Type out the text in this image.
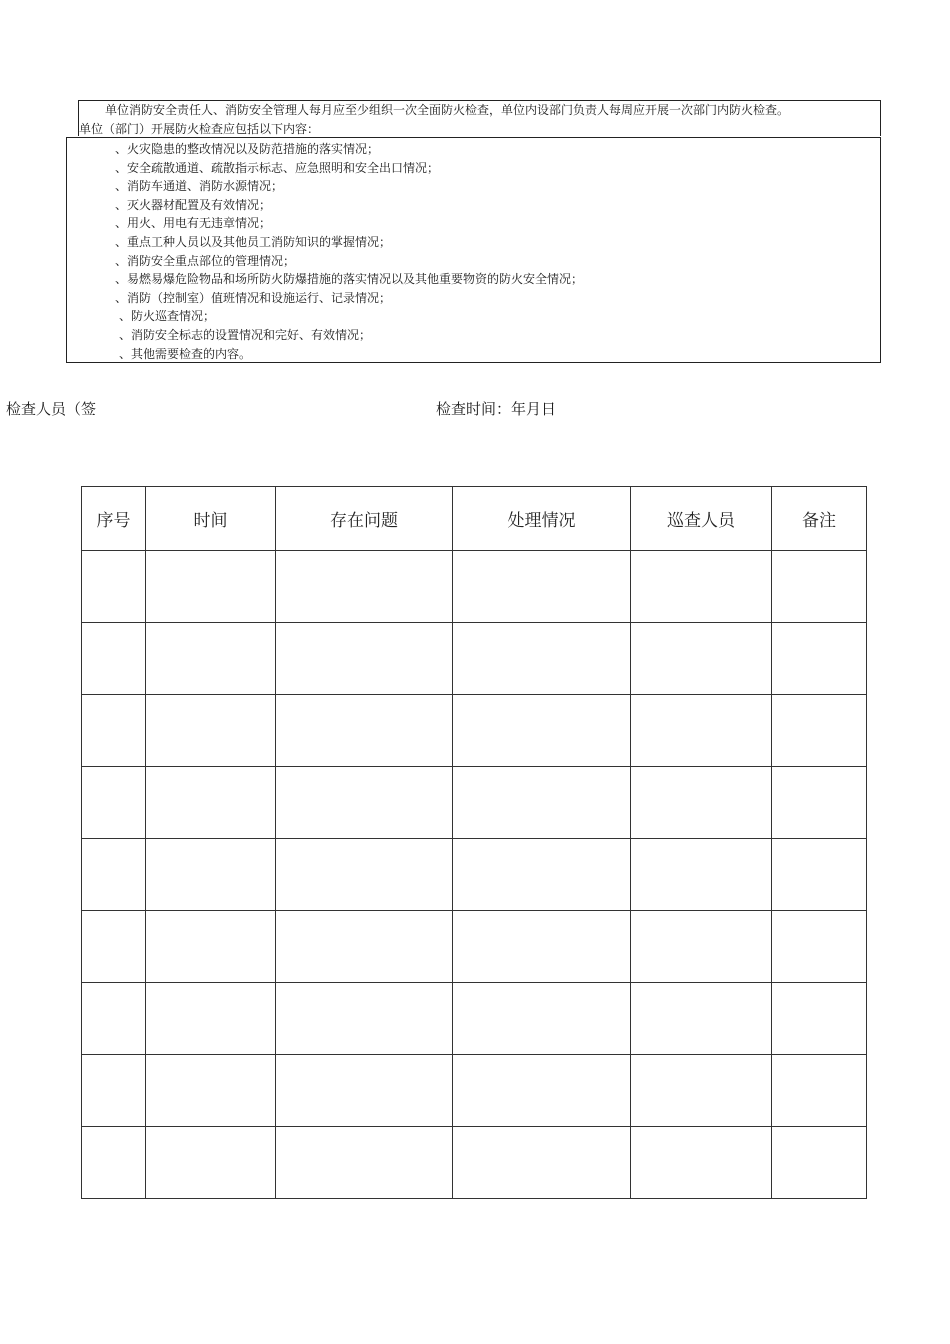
单位消防安全责任人、消防安全管理人每月应至少组织一次全面防火检查，单位内设部门负责人每周应开展一次部门内防火检查。
单位（部门）开展防火检查应包括以下内容：
、火灾隐患的整改情况以及防范措施的落实情况；
、安全疏散通道、疏散指示标志、应急照明和安全出口情况；
、消防车通道、消防水源情况；
、灭火器材配置及有效情况；
、用火、用电有无违章情况；
、重点工种人员以及其他员工消防知识的掌握情况；
、消防安全重点部位的管理情况；
、易燃易爆危险物品和场所防火防爆措施的落实情况以及其他重要物资的防火安全情况；
、消防（控制室）值班情况和设施运行、记录情况；
、防火巡查情况；
、消防安全标志的设置情况和完好、有效情况；
、其他需要检查的内容。
检查人员（签	检查时间：年月日
序号	时间	存在问题	处理情况	巡查人员	备注
